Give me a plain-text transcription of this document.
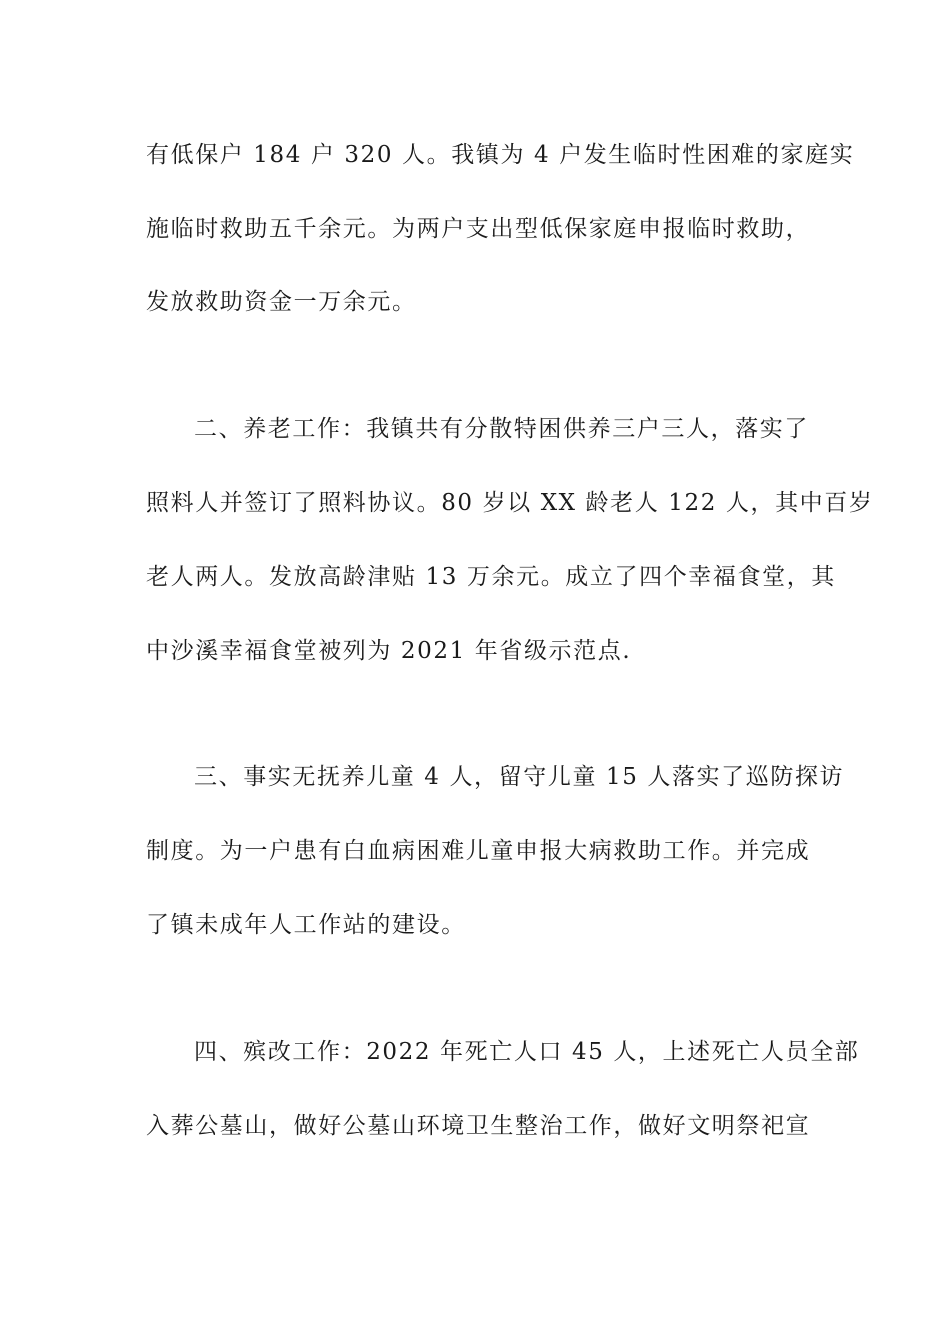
有低保户 184 户 320 人。我镇为 4 户发生临时性困难的家庭实
施临时救助五千余元。为两户支出型低保家庭申报临时救助，
发放救助资金一万余元。
二、养老工作：我镇共有分散特困供养三户三人，落实了
照料人并签订了照料协议。80 岁以 XX 龄老人 122 人，其中百岁
老人两人。发放高龄津贴 13 万余元。成立了四个幸福食堂，其
中沙溪幸福食堂被列为 2021 年省级示范点.
三、事实无抚养儿童 4 人，留守儿童 15 人落实了巡防探访
制度。为一户患有白血病困难儿童申报大病救助工作。并完成
了镇未成年人工作站的建设。
四、殡改工作：2022 年死亡人口 45 人，上述死亡人员全部
入葬公墓山，做好公墓山环境卫生整治工作，做好文明祭祀宣
